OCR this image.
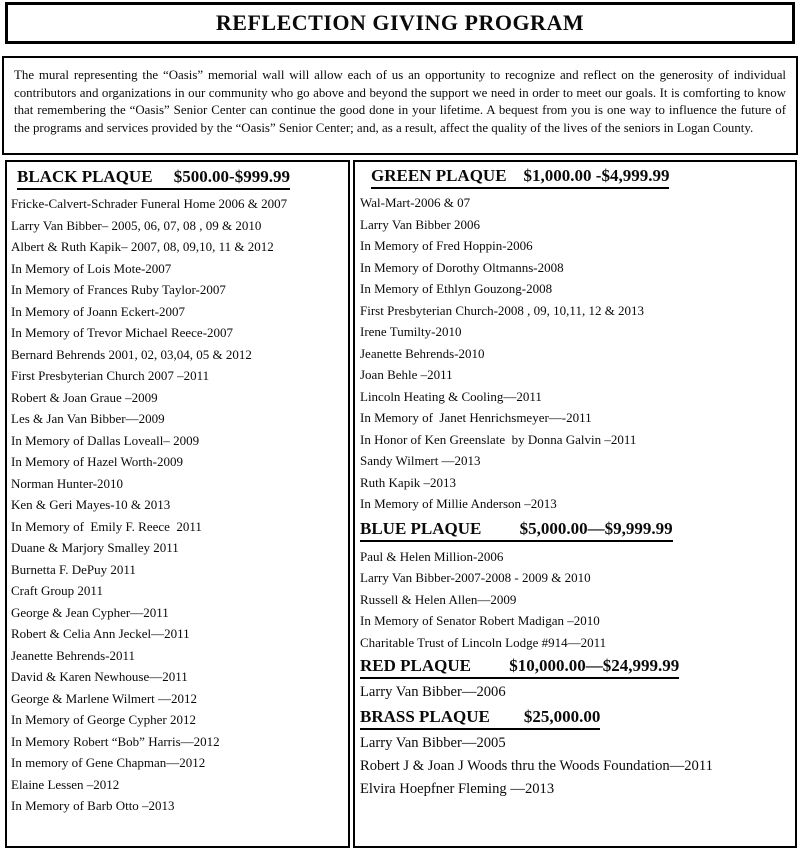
REFLECTION GIVING PROGRAM
The mural representing the “Oasis” memorial wall will allow each of us an opportunity to recognize and reflect on the generosity of individual contributors and organizations in our community who go above and beyond the support we need in order to meet our goals. It is comforting to know that remembering the “Oasis” Senior Center can continue the good done in your lifetime. A bequest from you is one way to influence the future of the programs and services provided by the “Oasis” Senior Center; and, as a result, affect the quality of the lives of the seniors in Logan County.
BLACK PLAQUE     $500.00-$999.99

Fricke-Calvert-Schrader Funeral Home 2006 & 2007

Larry Van Bibber– 2005, 06, 07, 08 , 09 & 2010

Albert & Ruth Kapik– 2007, 08, 09,10, 11 & 2012

In Memory of Lois Mote-2007

In Memory of Frances Ruby Taylor-2007

In Memory of Joann Eckert-2007

In Memory of Trevor Michael Reece-2007

Bernard Behrends 2001, 02, 03,04, 05 & 2012

First Presbyterian Church 2007 –2011

Robert & Joan Graue –2009

Les & Jan Van Bibber—2009

In Memory of Dallas Loveall– 2009

In Memory of Hazel Worth-2009

Norman Hunter-2010

Ken & Geri Mayes-10 & 2013

In Memory of  Emily F. Reece  2011

Duane & Marjory Smalley 2011

Burnetta F. DePuy 2011

Craft Group 2011

George & Jean Cypher—2011

Robert & Celia Ann Jeckel—2011

Jeanette Behrends-2011

David & Karen Newhouse—2011

George & Marlene Wilmert —2012

In Memory of George Cypher 2012

In Memory Robert “Bob” Harris—2012

In memory of Gene Chapman—2012

Elaine Lessen –2012

In Memory of Barb Otto –2013

GREEN PLAQUE    $1,000.00 -$4,999.99

Wal-Mart-2006 & 07

Larry Van Bibber 2006

In Memory of Fred Hoppin-2006

In Memory of Dorothy Oltmanns-2008

In Memory of Ethlyn Gouzong-2008

First Presbyterian Church-2008 , 09, 10,11, 12 & 2013

Irene Tumilty-2010

Jeanette Behrends-2010

Joan Behle –2011

Lincoln Heating & Cooling—2011

In Memory of  Janet Henrichsmeyer—-2011

In Honor of Ken Greenslate  by Donna Galvin –2011

Sandy Wilmert —2013

Ruth Kapik –2013

In Memory of Millie Anderson –2013

BLUE PLAQUE         $5,000.00—$9,999.99

Paul & Helen Million-2006

Larry Van Bibber-2007-2008 - 2009 & 2010

Russell & Helen Allen—2009

In Memory of Senator Robert Madigan –2010

Charitable Trust of Lincoln Lodge #914—2011

RED PLAQUE         $10,000.00—$24,999.99

Larry Van Bibber—2006

BRASS PLAQUE        $25,000.00

Larry Van Bibber—2005

Robert J & Joan J Woods thru the Woods Foundation—2011

Elvira Hoepfner Fleming —2013
